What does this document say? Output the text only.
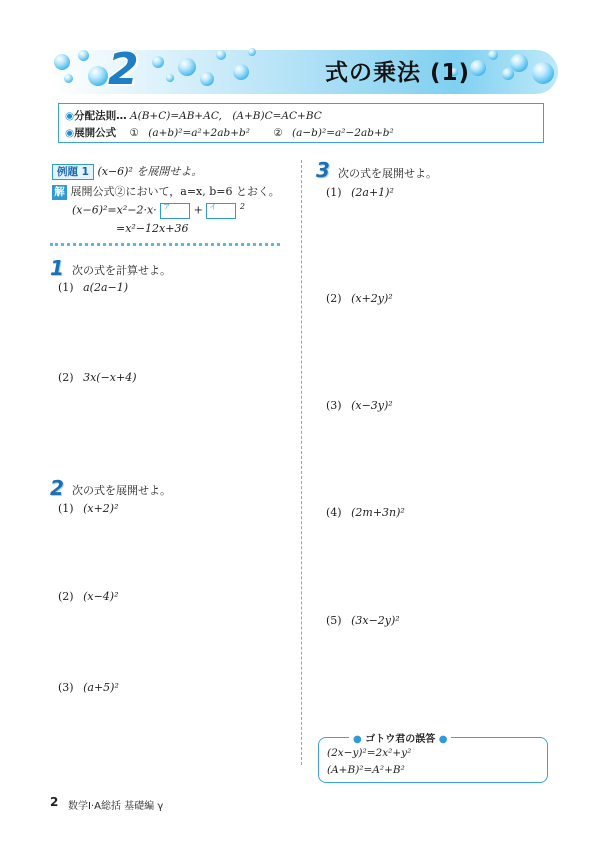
2	式の乗法 (1)
◉分配法則… A(B+C)=AB+AC,　(A+B)C=AC+BC
◉展開公式 ① (a+b)²=a²+2ab+b² ② (a−b)²=a²−2ab+b²
例題 1 (x−6)² を展開せよ。
解 展開公式②において，a=x, b=6 とおく。
(x−6)²=x²−2·x· ア + イ	$^2$
=x²−12x+36
1 次の式を計算せよ。
(1) a(2a−1)
(2) 3x(−x+4)
2 次の式を展開せよ。
(1) (x+2)²
(2) (x−4)²
(3) (a+5)²
3 次の式を展開せよ。
(1) (2a+1)²
(2) (x+2y)²
(3) (x−3y)²
(4) (2m+3n)²
(5) (3x−2y)²
● ゴトウ君の誤答 ●
(2x−y)²=2x²+y²
(A+B)²=A²+B²
2 数学Ⅰ·A総括 基礎編 γ
